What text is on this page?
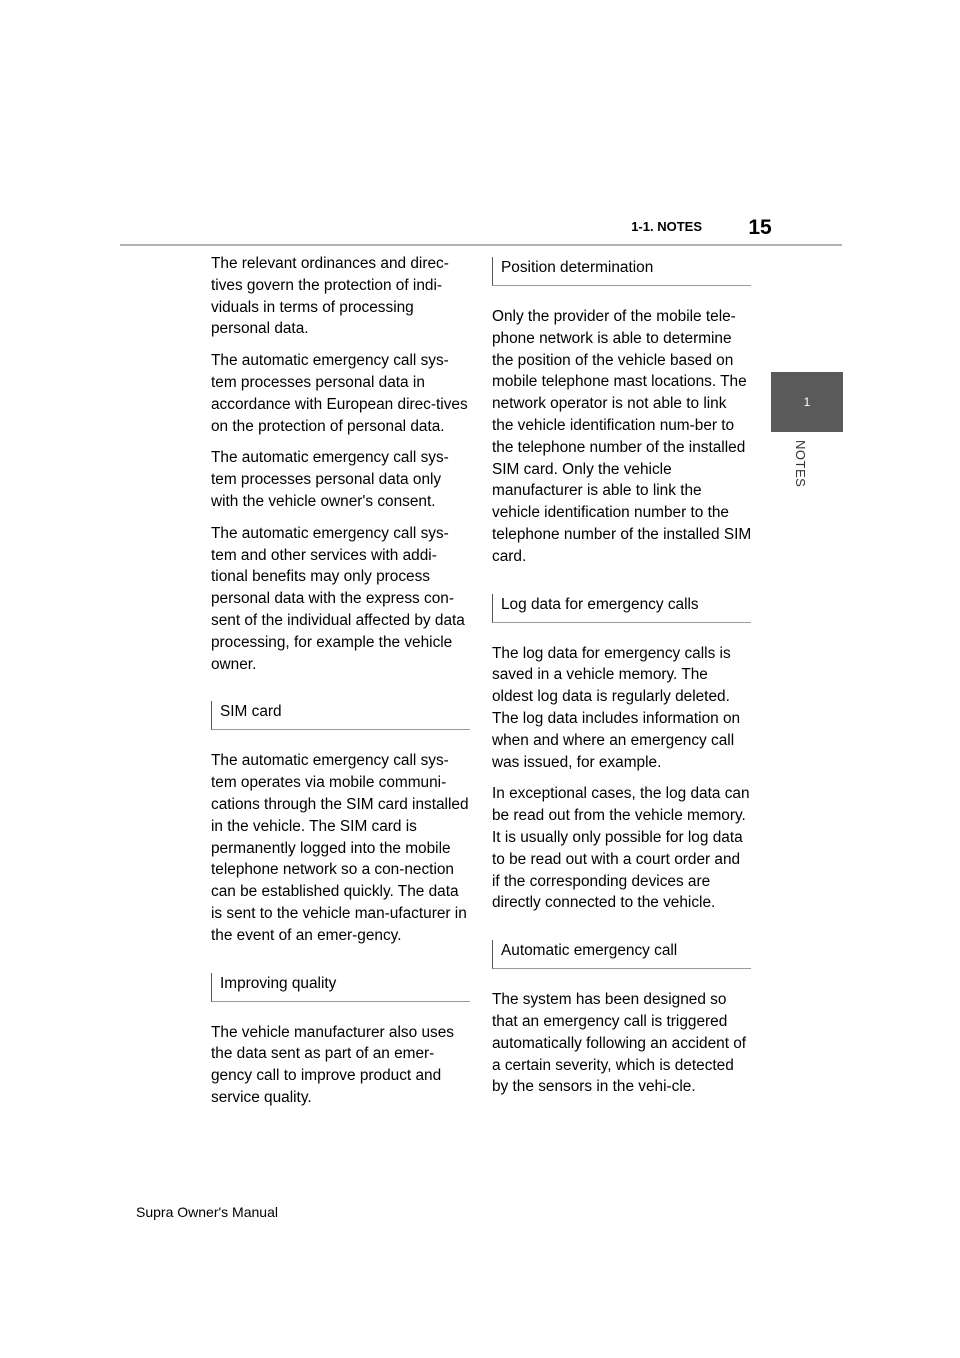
1-1. NOTES	15
1
NOTES

The relevant ordinances and direc-tives govern the protection of indi-viduals in terms of processing personal data.

The automatic emergency call sys-tem processes personal data in accordance with European direc-tives on the protection of personal data.

The automatic emergency call sys-tem processes personal data only with the vehicle owner's consent.

The automatic emergency call sys-tem and other services with addi-tional benefits may only process personal data with the express con-sent of the individual affected by data processing, for example the vehicle owner.

SIM card

The automatic emergency call sys-tem operates via mobile communi-cations through the SIM card installed in the vehicle. The SIM card is permanently logged into the mobile telephone network so a con-nection can be established quickly. The data is sent to the vehicle man-ufacturer in the event of an emer-gency.

Improving quality

The vehicle manufacturer also uses the data sent as part of an emer-gency call to improve product and service quality.

Position determination

Only the provider of the mobile tele-phone network is able to determine the position of the vehicle based on mobile telephone mast locations. The network operator is not able to link the vehicle identification num-ber to the telephone number of the installed SIM card. Only the vehicle manufacturer is able to link the vehicle identification number to the telephone number of the installed SIM card.

Log data for emergency calls

The log data for emergency calls is saved in a vehicle memory. The oldest log data is regularly deleted. The log data includes information on when and where an emergency call was issued, for example.

In exceptional cases, the log data can be read out from the vehicle memory. It is usually only possible for log data to be read out with a court order and if the corresponding devices are directly connected to the vehicle.

Automatic emergency call

The system has been designed so that an emergency call is triggered automatically following an accident of a certain severity, which is detected by the sensors in the vehi-cle.

Supra Owner's Manual
